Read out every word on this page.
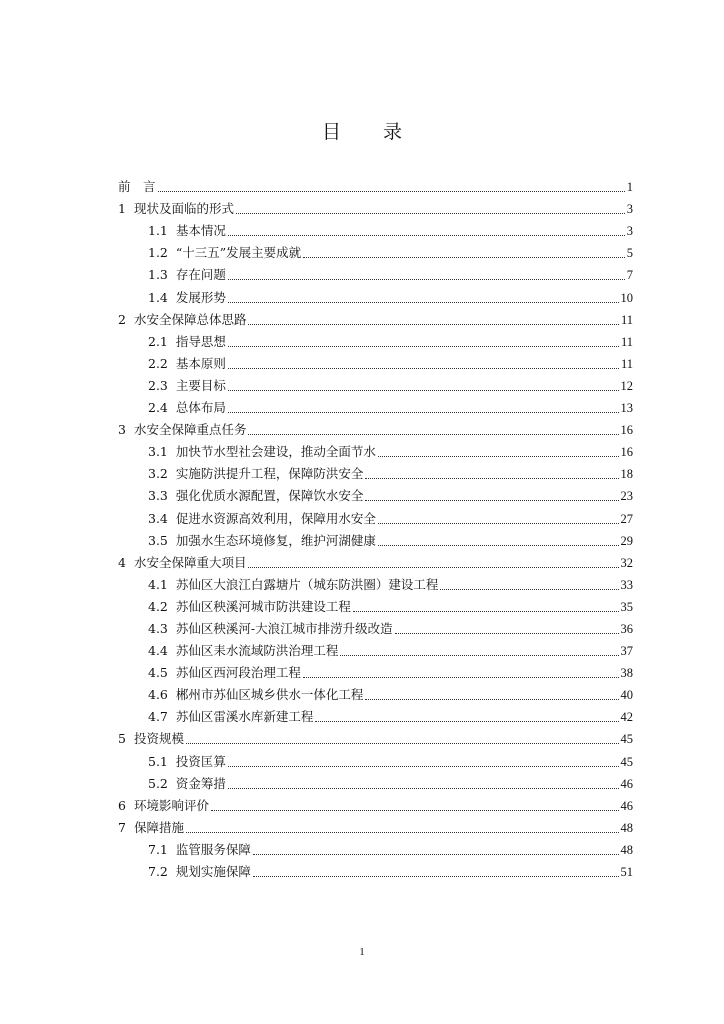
目 录
前　言	1
1 现状及面临的形式	3
1.1 基本情况	3
1.2 “十三五”发展主要成就	5
1.3 存在问题	7
1.4 发展形势	10
2 水安全保障总体思路	11
2.1 指导思想	11
2.2 基本原则	11
2.3 主要目标	12
2.4 总体布局	13
3 水安全保障重点任务	16
3.1 加快节水型社会建设，推动全面节水	16
3.2 实施防洪提升工程，保障防洪安全	18
3.3 强化优质水源配置，保障饮水安全	23
3.4 促进水资源高效利用，保障用水安全	27
3.5 加强水生态环境修复，维护河湖健康	29
4 水安全保障重大项目	32
4.1 苏仙区大浪江白露塘片（城东防洪圈）建设工程	33
4.2 苏仙区秧溪河城市防洪建设工程	35
4.3 苏仙区秧溪河-大浪江城市排涝升级改造	36
4.4 苏仙区耒水流域防洪治理工程	37
4.5 苏仙区西河段治理工程	38
4.6 郴州市苏仙区城乡供水一体化工程	40
4.7 苏仙区雷溪水库新建工程	42
5 投资规模	45
5.1 投资匡算	45
5.2 资金筹措	46
6 环境影响评价	46
7 保障措施	48
7.1 监管服务保障	48
7.2 规划实施保障	51
1
